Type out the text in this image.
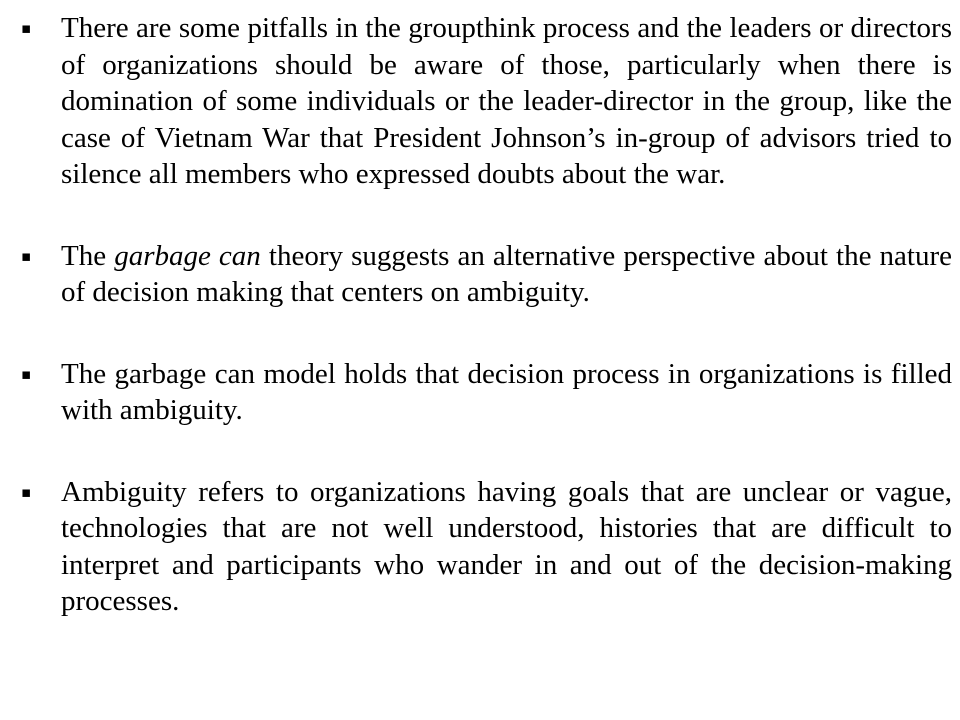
▪ There are some pitfalls in the groupthink process and the leaders or directors of organizations should be aware of those, particularly when there is domination of some individuals or the leader-director in the group, like the case of Vietnam War that President Johnson’s in-group of advisors tried to silence all members who expressed doubts about the war.
▪ The garbage can theory suggests an alternative perspective about the nature of decision making that centers on ambiguity.
▪ The garbage can model holds that decision process in organizations is filled with ambiguity.
▪ Ambiguity refers to organizations having goals that are unclear or vague, technologies that are not well understood, histories that are difficult to interpret and participants who wander in and out of the decision-making processes.
